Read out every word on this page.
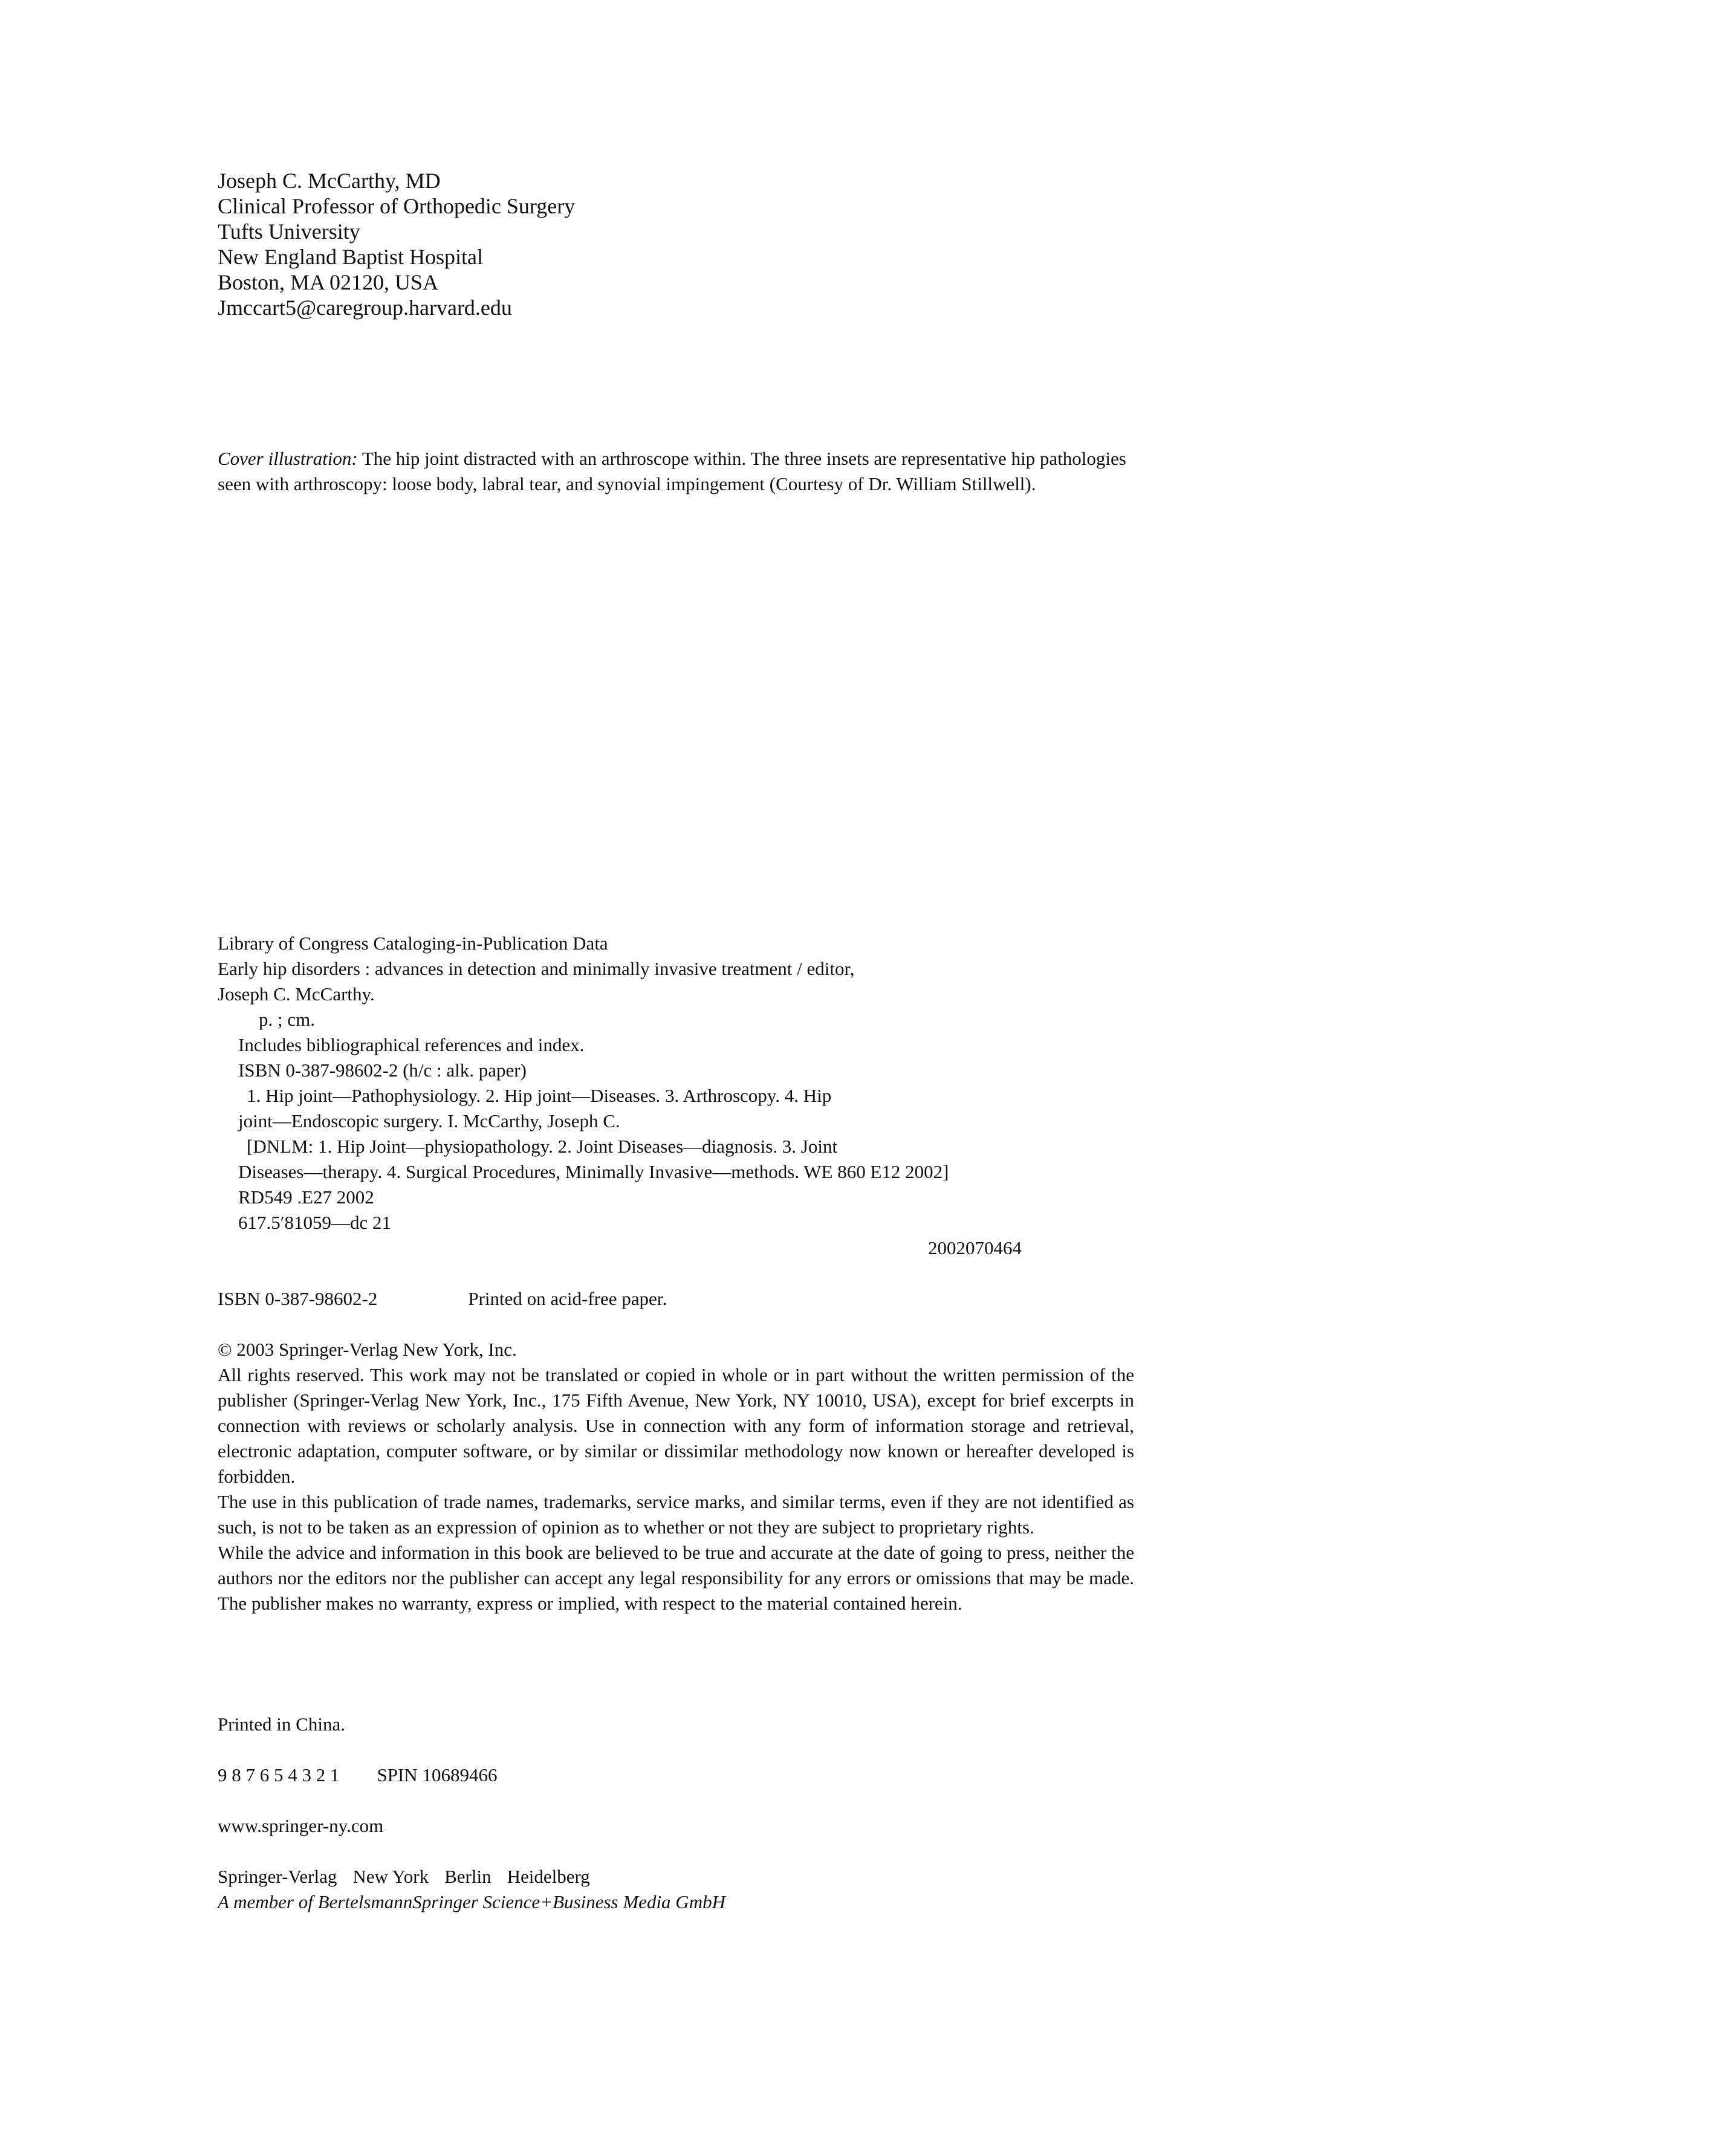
Joseph C. McCarthy, MD
Clinical Professor of Orthopedic Surgery
Tufts University
New England Baptist Hospital
Boston, MA 02120, USA
Jmccart5@caregroup.harvard.edu
Cover illustration: The hip joint distracted with an arthroscope within. The three insets are representative hip pathologies seen with arthroscopy: loose body, labral tear, and synovial impingement (Courtesy of Dr. William Stillwell).
Library of Congress Cataloging-in-Publication Data
Early hip disorders : advances in detection and minimally invasive treatment / editor,
Joseph C. McCarthy.
p. ; cm.
Includes bibliographical references and index.
ISBN 0-387-98602-2 (h/c : alk. paper)
1. Hip joint—Pathophysiology. 2. Hip joint—Diseases. 3. Arthroscopy. 4. Hip
joint—Endoscopic surgery. I. McCarthy, Joseph C.
[DNLM: 1. Hip Joint—physiopathology. 2. Joint Diseases—diagnosis. 3. Joint
Diseases—therapy. 4. Surgical Procedures, Minimally Invasive—methods. WE 860 E12 2002]
RD549 .E27 2002
617.5′81059—dc 21
2002070464
ISBN 0-387-98602-2	Printed on acid-free paper.

© 2003 Springer-Verlag New York, Inc.

All rights reserved. This work may not be translated or copied in whole or in part without the written permission of the publisher (Springer-Verlag New York, Inc., 175 Fifth Avenue, New York, NY 10010, USA), except for brief excerpts in connection with reviews or scholarly analysis. Use in connection with any form of information storage and retrieval, electronic adaptation, computer software, or by similar or dissimilar methodology now known or hereafter developed is forbidden.

The use in this publication of trade names, trademarks, service marks, and similar terms, even if they are not identified as such, is not to be taken as an expression of opinion as to whether or not they are subject to proprietary rights.

While the advice and information in this book are believed to be true and accurate at the date of going to press, neither the authors nor the editors nor the publisher can accept any legal responsibility for any errors or omissions that may be made. The publisher makes no warranty, express or implied, with respect to the material contained herein.

Printed in China.
9 8 7 6 5 4 3 2 1 SPIN 10689466
www.springer-ny.com
Springer-Verlag New York Berlin Heidelberg
A member of BertelsmannSpringer Science+Business Media GmbH
